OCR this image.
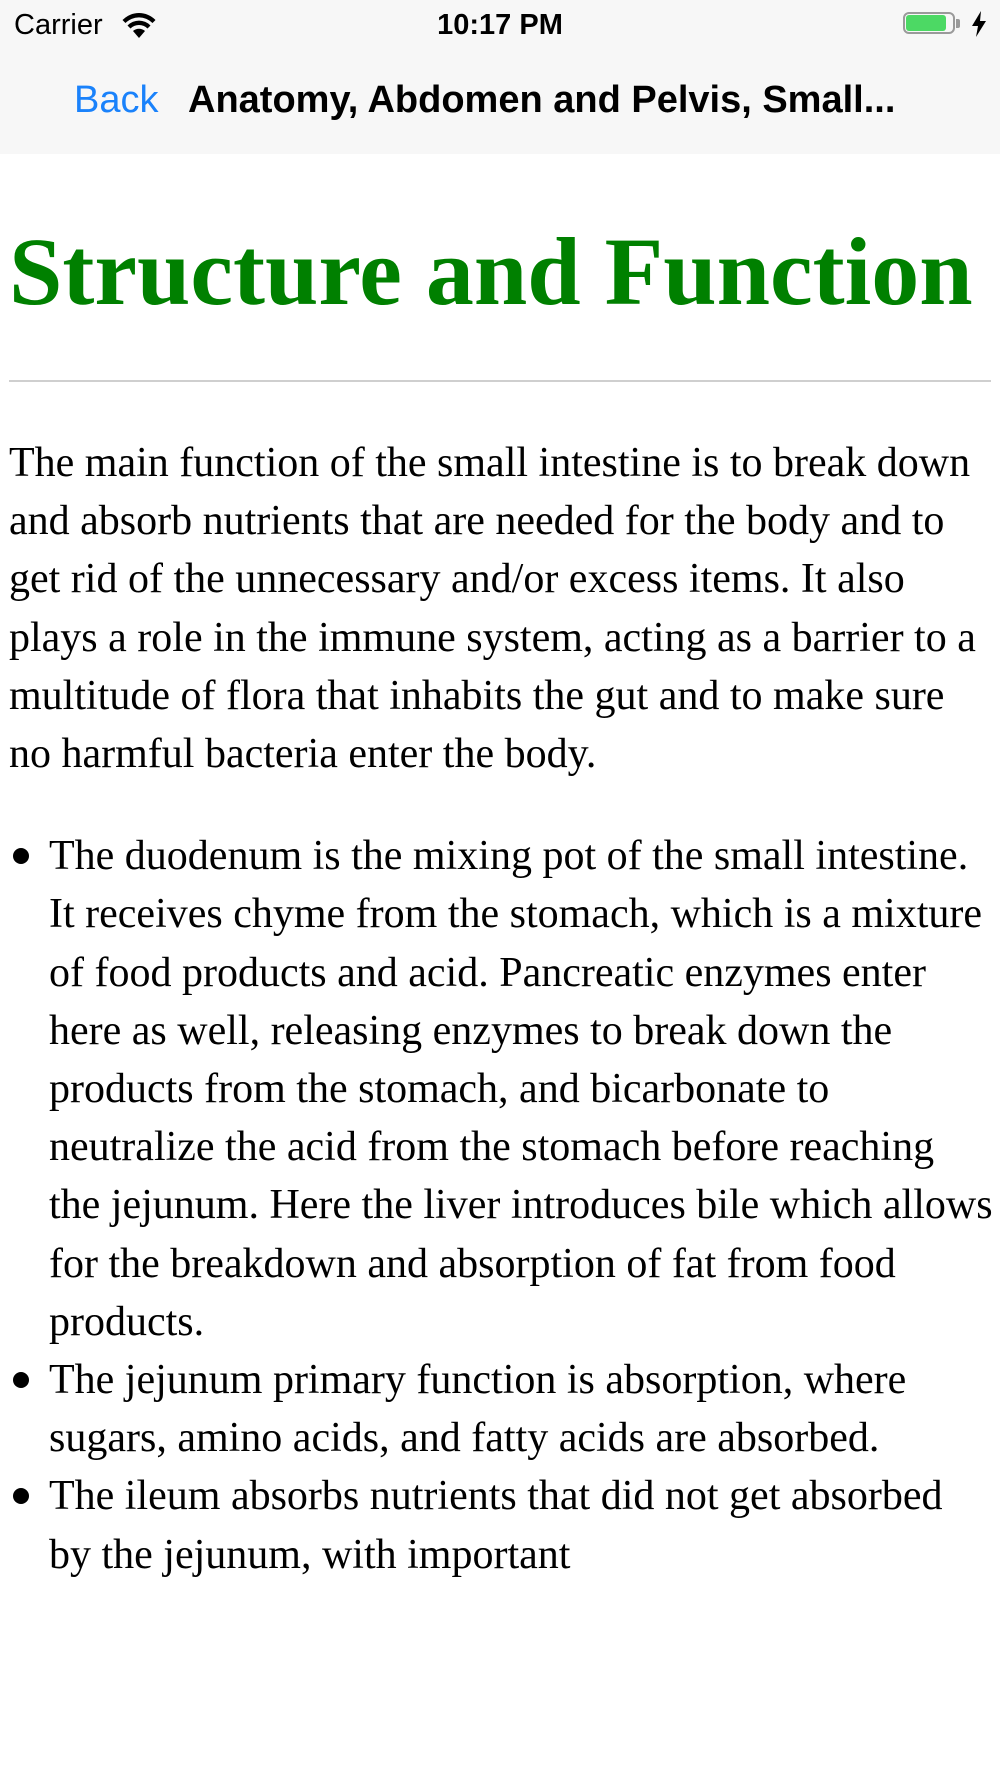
Carrier	10:17 PM
Back Anatomy, Abdomen and Pelvis, Small...
Structure and Function

The main function of the small intestine is to break down and absorb nutrients that are needed for the body and to get rid of the unnecessary and/or excess items. It also plays a role in the immune system, acting as a barrier to a multitude of flora that inhabits the gut and to make sure no harmful bacteria enter the body.

The duodenum is the mixing pot of the small intestine. It receives chyme from the stomach, which is a mixture of food products and acid. Pancreatic enzymes enter here as well, releasing enzymes to break down the products from the stomach, and bicarbonate to neutralize the acid from the stomach before reaching the jejunum. Here the liver introduces bile which allows for the breakdown and absorption of fat from food products.
The jejunum primary function is absorption, where sugars, amino acids, and fatty acids are absorbed.
The ileum absorbs nutrients that did not get absorbed by the jejunum, with important
